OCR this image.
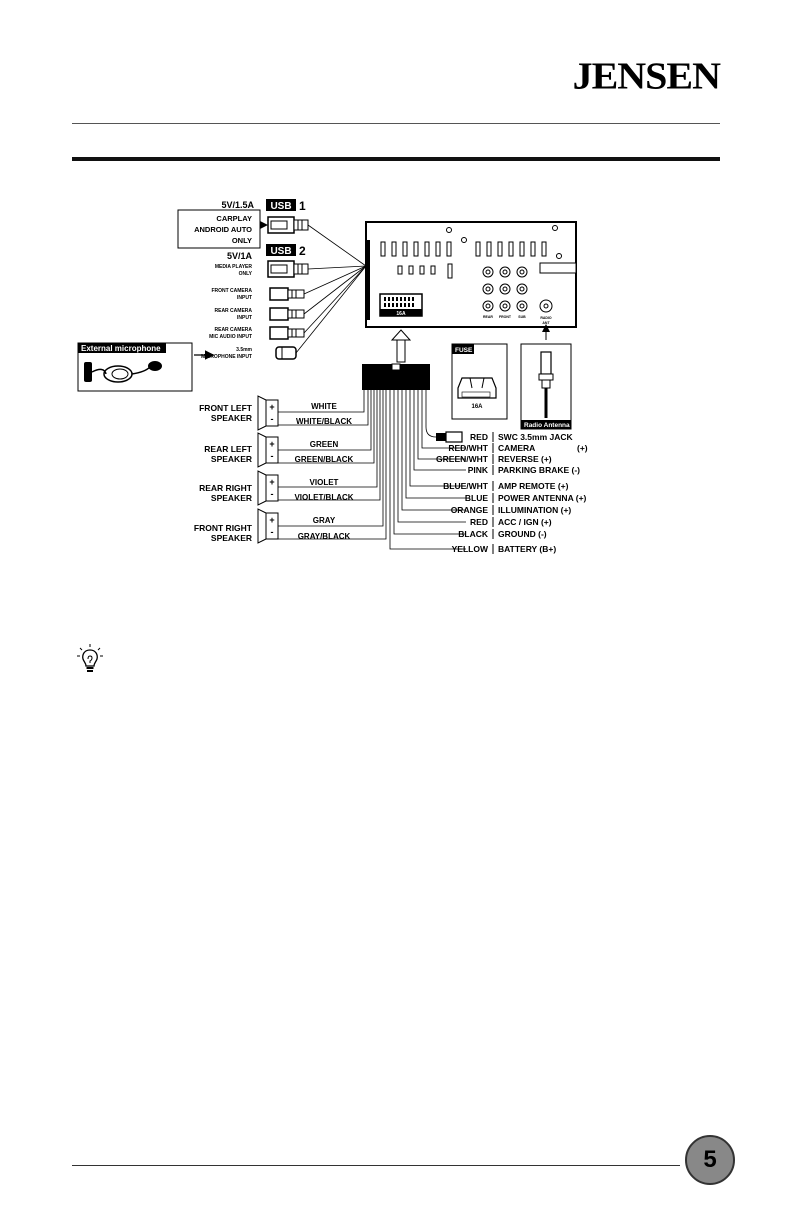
JENSEN
5V/1.5A USB 1
CARPLAY
ANDROID AUTO
ONLY
USB 2
5V/1A
MEDIA PLAYER
ONLY
FRONT CAMERA
INPUT
REAR CAMERA
INPUT
REAR CAMERA
MIC AUDIO INPUT
3.5mm
MICROPHONE INPUT
External microphone
16A	REAR FRONT SUB	RADIO
ANT
FUSE
16A
Radio Antenna
+
-
+
-
+
-
+
-
FRONT LEFT
SPEAKER
REAR LEFT
SPEAKER
REAR RIGHT
SPEAKER
FRONT RIGHT
SPEAKER
WHITE
WHITE/BLACK
GREEN
GREEN/BLACK
VIOLET
VIOLET/BLACK
GRAY
GRAY/BLACK
RED SWC 3.5mm JACK
RED/WHT CAMERA	(+)
GREEN/WHT REVERSE (+)
PINK PARKING BRAKE (-)
BLUE/WHT AMP REMOTE (+)
BLUE POWER ANTENNA (+)
ORANGE ILLUMINATION (+)
RED ACC / IGN (+)
BLACK GROUND (-)
YELLOW BATTERY (B+)
5
